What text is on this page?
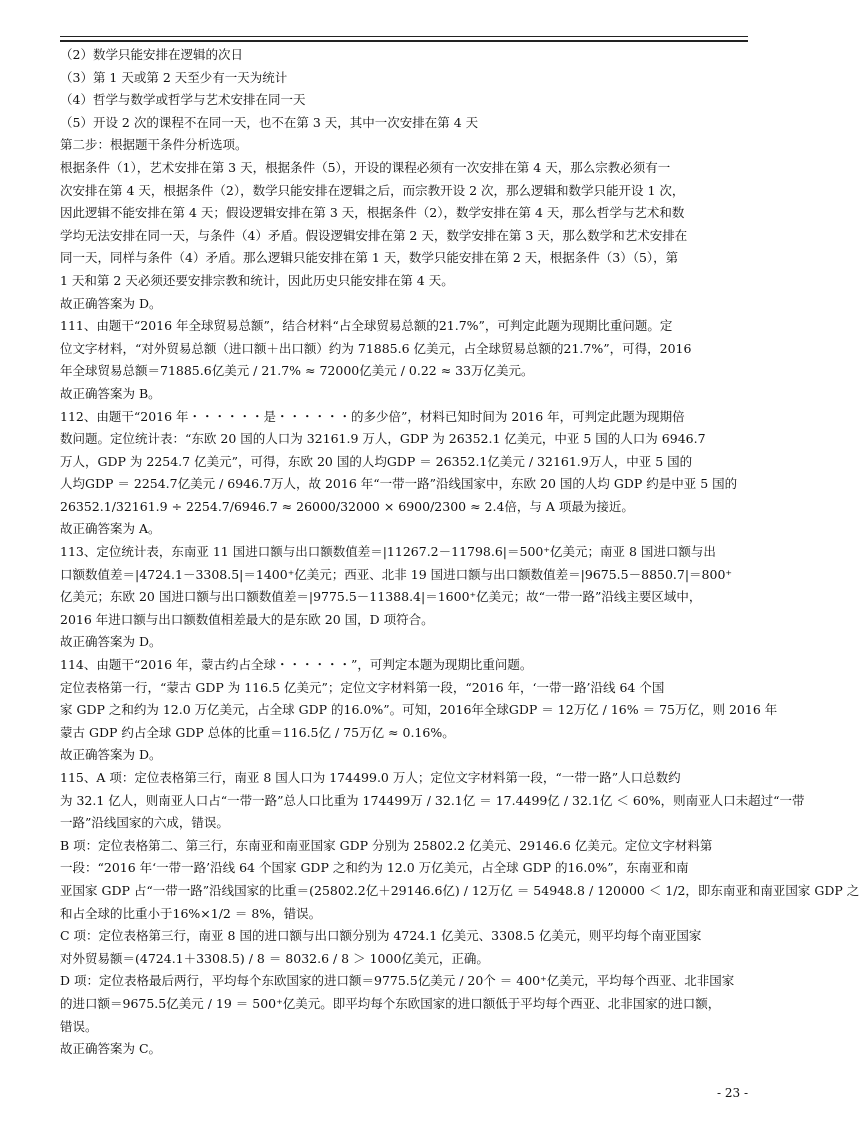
（2）数学只能安排在逻辑的次日
（3）第 1 天或第 2 天至少有一天为统计
（4）哲学与数学或哲学与艺术安排在同一天
（5）开设 2 次的课程不在同一天，也不在第 3 天，其中一次安排在第 4 天
第二步：根据题干条件分析选项。
根据条件（1），艺术安排在第 3 天，根据条件（5），开设的课程必须有一次安排在第 4 天，那么宗教必须有一
次安排在第 4 天，根据条件（2），数学只能安排在逻辑之后，而宗教开设 2 次，那么逻辑和数学只能开设 1 次，
因此逻辑不能安排在第 4 天；假设逻辑安排在第 3 天，根据条件（2），数学安排在第 4 天，那么哲学与艺术和数
学均无法安排在同一天，与条件（4）矛盾。假设逻辑安排在第 2 天，数学安排在第 3 天，那么数学和艺术安排在
同一天，同样与条件（4）矛盾。那么逻辑只能安排在第 1 天，数学只能安排在第 2 天，根据条件（3）（5），第
1 天和第 2 天必须还要安排宗教和统计，因此历史只能安排在第 4 天。
故正确答案为 D。
111、由题干“2016 年全球贸易总额”，结合材料“占全球贸易总额的21.7%”，可判定此题为现期比重问题。定
位文字材料，“对外贸易总额（进口额＋出口额）约为 71885.6 亿美元，占全球贸易总额的21.7%”，可得，2016
年全球贸易总额＝71885.6亿美元 / 21.7% ≈ 72000亿美元 / 0.22 ≈ 33万亿美元。
故正确答案为 B。
112、由题干“2016 年・・・・・・是・・・・・・的多少倍”，材料已知时间为 2016 年，可判定此题为现期倍
数问题。定位统计表：“东欧 20 国的人口为 32161.9 万人，GDP 为 26352.1 亿美元，中亚 5 国的人口为 6946.7
万人，GDP 为 2254.7 亿美元”，可得，东欧 20 国的人均GDP ＝ 26352.1亿美元 / 32161.9万人，中亚 5 国的
人均GDP ＝ 2254.7亿美元 / 6946.7万人，故 2016 年“一带一路”沿线国家中，东欧 20 国的人均 GDP 约是中亚 5 国的
26352.1/32161.9 ÷ 2254.7/6946.7 ≈ 26000/32000 × 6900/2300 ≈ 2.4倍，与 A 项最为接近。
故正确答案为 A。
113、定位统计表，东南亚 11 国进口额与出口额数值差＝|11267.2－11798.6|＝500⁺亿美元；南亚 8 国进口额与出
口额数值差＝|4724.1－3308.5|＝1400⁺亿美元；西亚、北非 19 国进口额与出口额数值差＝|9675.5－8850.7|＝800⁺
亿美元；东欧 20 国进口额与出口额数值差＝|9775.5－11388.4|＝1600⁺亿美元；故“一带一路”沿线主要区域中，
2016 年进口额与出口额数值相差最大的是东欧 20 国，D 项符合。
故正确答案为 D。
114、由题干“2016 年，蒙古约占全球・・・・・・”，可判定本题为现期比重问题。
定位表格第一行，“蒙古 GDP 为 116.5 亿美元”；定位文字材料第一段，“2016 年，‘一带一路’沿线 64 个国
家 GDP 之和约为 12.0 万亿美元，占全球 GDP 的16.0%”。可知，2016年全球GDP ＝ 12万亿 / 16% ＝ 75万亿，则 2016 年
蒙古 GDP 约占全球 GDP 总体的比重＝116.5亿 / 75万亿 ≈ 0.16%。
故正确答案为 D。
115、A 项：定位表格第三行，南亚 8 国人口为 174499.0 万人；定位文字材料第一段，“一带一路”人口总数约
为 32.1 亿人，则南亚人口占“一带一路”总人口比重为 174499万 / 32.1亿 ＝ 17.4499亿 / 32.1亿 ＜ 60%，则南亚人口未超过“一带
一路”沿线国家的六成，错误。
B 项：定位表格第二、第三行，东南亚和南亚国家 GDP 分别为 25802.2 亿美元、29146.6 亿美元。定位文字材料第
一段：“2016 年‘一带一路’沿线 64 个国家 GDP 之和约为 12.0 万亿美元，占全球 GDP 的16.0%”，东南亚和南
亚国家 GDP 占“一带一路”沿线国家的比重＝(25802.2亿＋29146.6亿) / 12万亿 ＝ 54948.8 / 120000 ＜ 1/2，即东南亚和南亚国家 GDP 之
和占全球的比重小于16%×1/2 ＝ 8%，错误。
C 项：定位表格第三行，南亚 8 国的进口额与出口额分别为 4724.1 亿美元、3308.5 亿美元，则平均每个南亚国家
对外贸易额＝(4724.1＋3308.5) / 8 ＝ 8032.6 / 8 ＞ 1000亿美元，正确。
D 项：定位表格最后两行，平均每个东欧国家的进口额＝9775.5亿美元 / 20个 ＝ 400⁺亿美元，平均每个西亚、北非国家
的进口额＝9675.5亿美元 / 19 ＝ 500⁺亿美元。即平均每个东欧国家的进口额低于平均每个西亚、北非国家的进口额，
错误。
故正确答案为 C。
- 23 -
